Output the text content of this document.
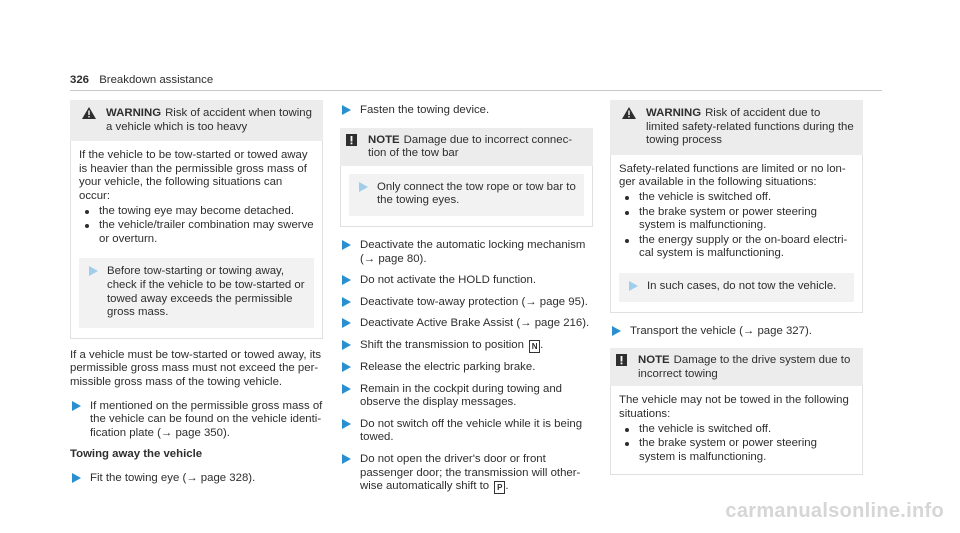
326 Breakdown assistance
WARNING Risk of accident when towing a vehicle which is too heavy

If the vehicle to be tow-started or towed away is heavier than the permissible gross mass of your vehicle, the following situations can occur:

the towing eye may become detached.
the vehicle/trailer combination may swerve or overturn.
Before tow-starting or towing away, check if the vehicle to be tow-started or towed away exceeds the permissible gross mass.

If a vehicle must be tow-started or towed away, its permissible gross mass must not exceed the per-missible gross mass of the towing vehicle.

If mentioned on the permissible gross mass of the vehicle can be found on the vehicle identi-fication plate (→ page 350).
Towing away the vehicle
Fit the towing eye (→ page 328).
Fasten the towing device.
NOTE Damage due to incorrect connec-tion of the tow bar
Only connect the tow rope or tow bar to the towing eyes.
Deactivate the automatic locking mechanism (→ page 80).
Do not activate the HOLD function.
Deactivate tow-away protection (→ page 95).
Deactivate Active Brake Assist (→ page 216).
Shift the transmission to position N .
Release the electric parking brake.
Remain in the cockpit during towing and observe the display messages.
Do not switch off the vehicle while it is being towed.
Do not open the driver's door or front passenger door; the transmission will other-wise automatically shift to P .
WARNING Risk of accident due to limited safety-related functions during the towing process

Safety-related functions are limited or no lon-ger available in the following situations:

the vehicle is switched off.
the brake system or power steering system is malfunctioning.
the energy supply or the on-board electri-cal system is malfunctioning.
In such cases, do not tow the vehicle.
Transport the vehicle (→ page 327).
NOTE Damage to the drive system due to incorrect towing

The vehicle may not be towed in the following situations:

the vehicle is switched off.
the brake system or power steering system is malfunctioning.
carmanualsonline.info
